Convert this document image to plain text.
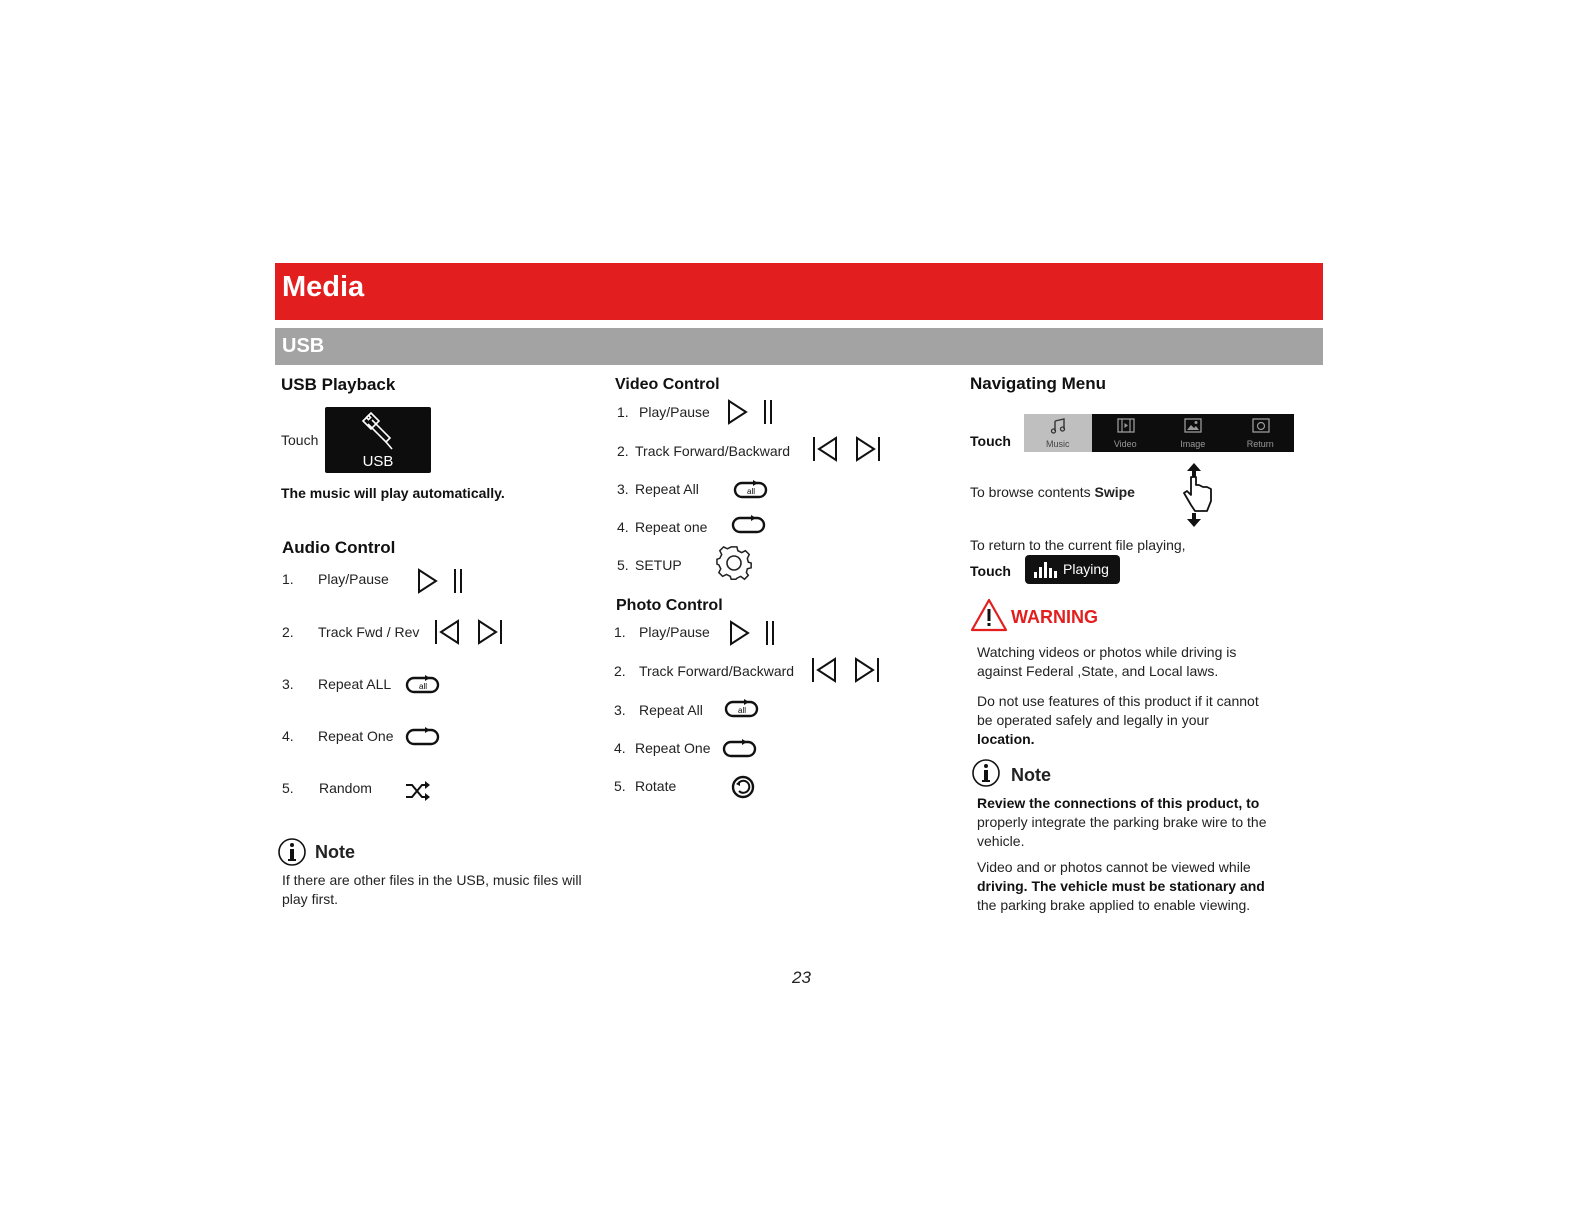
Media
USB
USB Playback
Touch
USB
The music will play automatically.
Audio Control
1. Play/Pause
2. Track Fwd / Rev
3. Repeat ALL	all
4. Repeat One
5. Random
Note
If there are other files in the USB, music files will play first.
Video Control
1. Play/Pause
2. Track Forward/Backward
3. Repeat All	all
4. Repeat one
5. SETUP
Photo Control
1. Play/Pause
2. Track Forward/Backward
3. Repeat All	all
4. Repeat One
5. Rotate
Navigating Menu
Touch	Music	Video	Image	Return
To browse contents Swipe
To return to the current file playing,
Touch	Playing
WARNING
Watching videos or photos while driving is against Federal ,State, and Local laws.
Do not use features of this product if it cannot
be operated safely and legally in your
location.
Note
Review the connections of this product, to
properly integrate the parking brake wire to the vehicle.
Video and or photos cannot be viewed while
driving. The vehicle must be stationary and
the parking brake applied to enable viewing.
23
